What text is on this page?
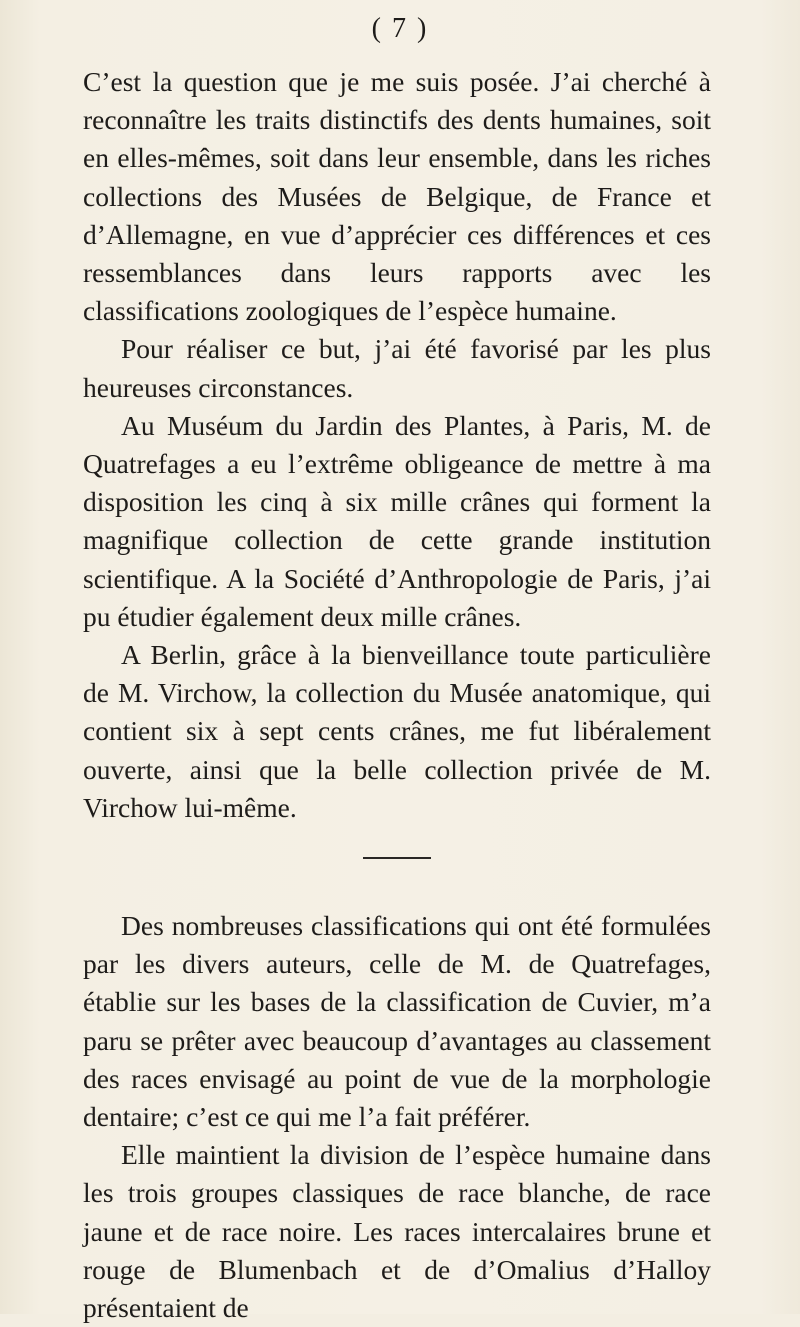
( 7 )

C’est la question que je me suis posée. J’ai cherché à reconnaître les traits distinctifs des dents humaines, soit en elles-mêmes, soit dans leur ensemble, dans les riches collections des Musées de Belgique, de France et d’Allemagne, en vue d’apprécier ces différences et ces ressemblances dans leurs rapports avec les classifications zoologiques de l’espèce humaine.

Pour réaliser ce but, j’ai été favorisé par les plus heureuses circonstances.

Au Muséum du Jardin des Plantes, à Paris, M. de Quatrefages a eu l’extrême obligeance de mettre à ma disposition les cinq à six mille crânes qui forment la magnifique collection de cette grande institution scientifique. A la Société d’Anthropologie de Paris, j’ai pu étudier également deux mille crânes.

A Berlin, grâce à la bienveillance toute particulière de M. Virchow, la collection du Musée anatomique, qui contient six à sept cents crânes, me fut libéralement ouverte, ainsi que la belle collection privée de M. Virchow lui-même.

Des nombreuses classifications qui ont été formulées par les divers auteurs, celle de M. de Quatrefages, établie sur les bases de la classification de Cuvier, m’a paru se prêter avec beaucoup d’avantages au classement des races envisagé au point de vue de la morphologie dentaire; c’est ce qui me l’a fait préférer.

Elle maintient la division de l’espèce humaine dans les trois groupes classiques de race blanche, de race jaune et de race noire. Les races intercalaires brune et rouge de Blumenbach et de d’Omalius d’Halloy présentaient de
